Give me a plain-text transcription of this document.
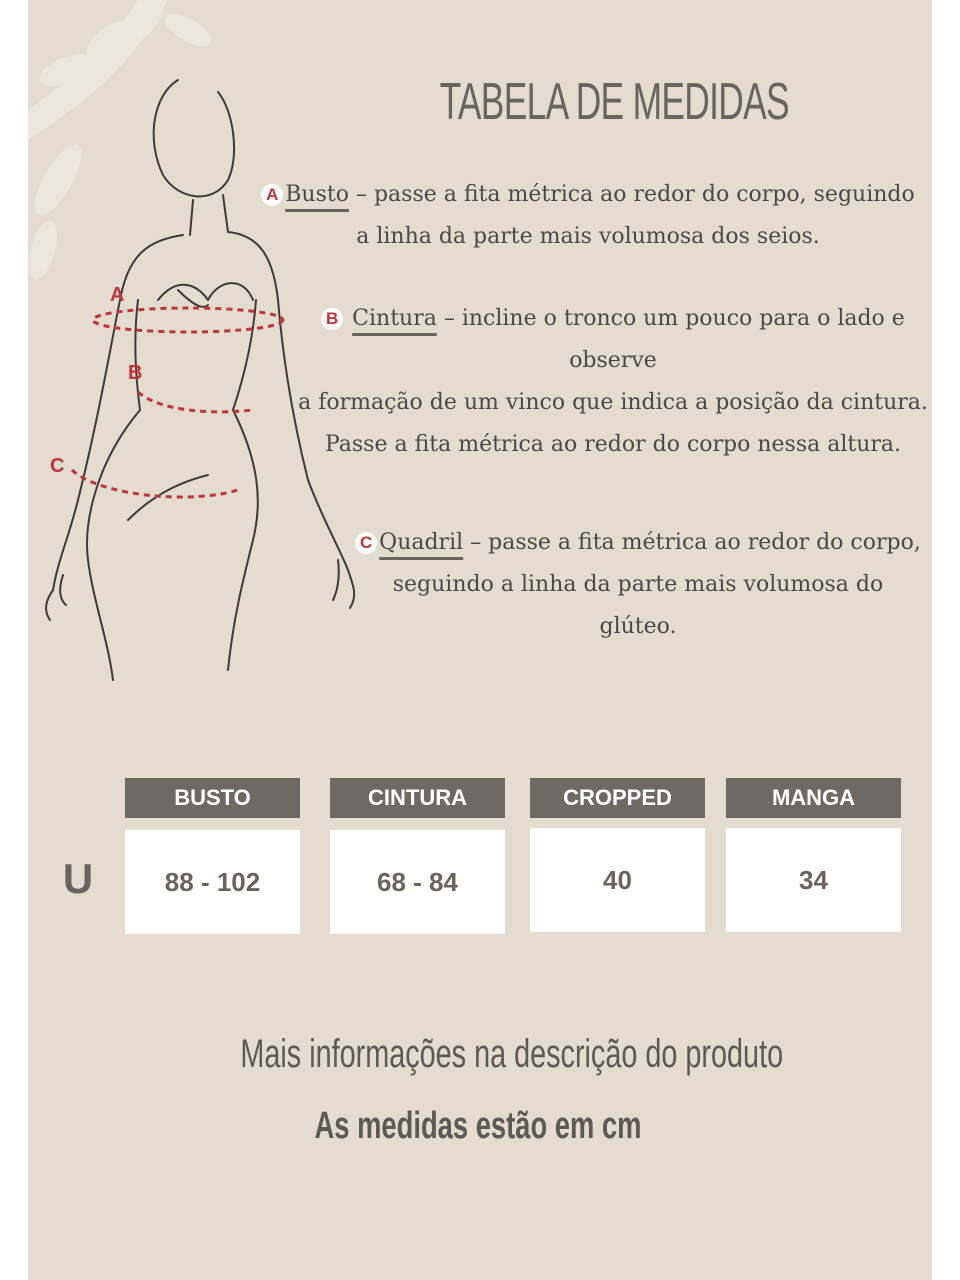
A
B
C
TABELA DE MEDIDAS
A Busto – passe a fita métrica ao redor do corpo, seguindo
a linha da parte mais volumosa dos seios.
B Cintura – incline o tronco um pouco para o lado e
observe
a formação de um vinco que indica a posição da cintura.
Passe a fita métrica ao redor do corpo nessa altura.
C Quadril – passe a fita métrica ao redor do corpo,
seguindo a linha da parte mais volumosa do
glúteo.
BUSTO	CINTURA	CROPPED	MANGA
U	88 - 102	68 - 84	40	34
Mais informações na descrição do produto
As medidas estão em cm
